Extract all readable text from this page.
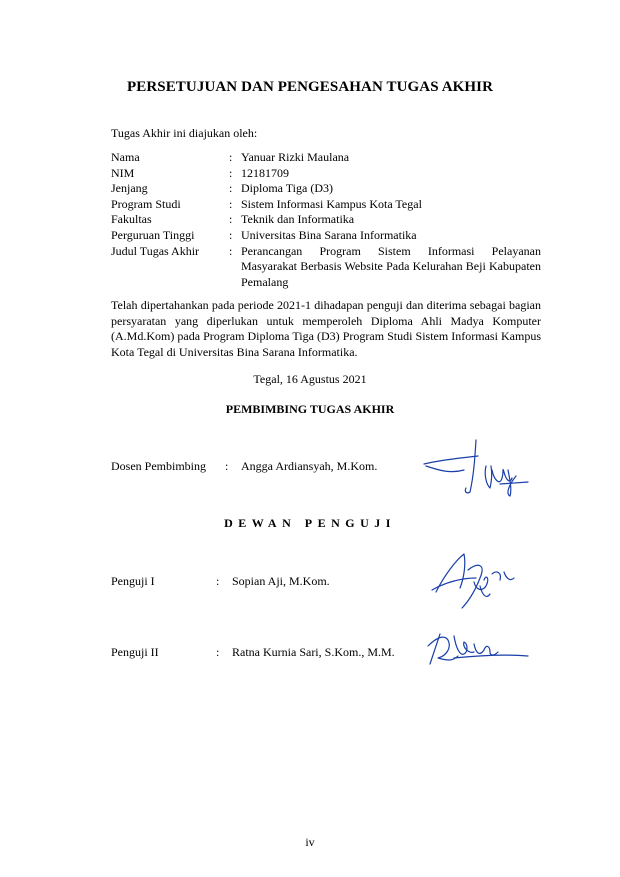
PERSETUJUAN DAN PENGESAHAN TUGAS AKHIR
Tugas Akhir ini diajukan oleh:
Nama	: Yanuar Rizki Maulana
NIM	: 12181709
Jenjang	: Diploma Tiga (D3)
Program Studi	: Sistem Informasi Kampus Kota Tegal
Fakultas	: Teknik dan Informatika
Perguruan Tinggi	: Universitas Bina Sarana Informatika
Judul Tugas Akhir	: Perancangan Program Sistem Informasi Pelayanan Masyarakat Berbasis Website Pada Kelurahan Beji Kabupaten Pemalang
Telah dipertahankan pada periode 2021-1 dihadapan penguji dan diterima sebagai bagian persyaratan yang diperlukan untuk memperoleh Diploma Ahli Madya Komputer (A.Md.Kom) pada Program Diploma Tiga (D3) Program Studi Sistem Informasi Kampus Kota Tegal di Universitas Bina Sarana Informatika.
Tegal, 16 Agustus 2021
PEMBIMBING TUGAS AKHIR
Dosen Pembimbing	:	Angga Ardiansyah, M.Kom.
DEWAN PENGUJI
Penguji I	:	Sopian Aji, M.Kom.
Penguji II	:	Ratna Kurnia Sari, S.Kom., M.M.
iv
